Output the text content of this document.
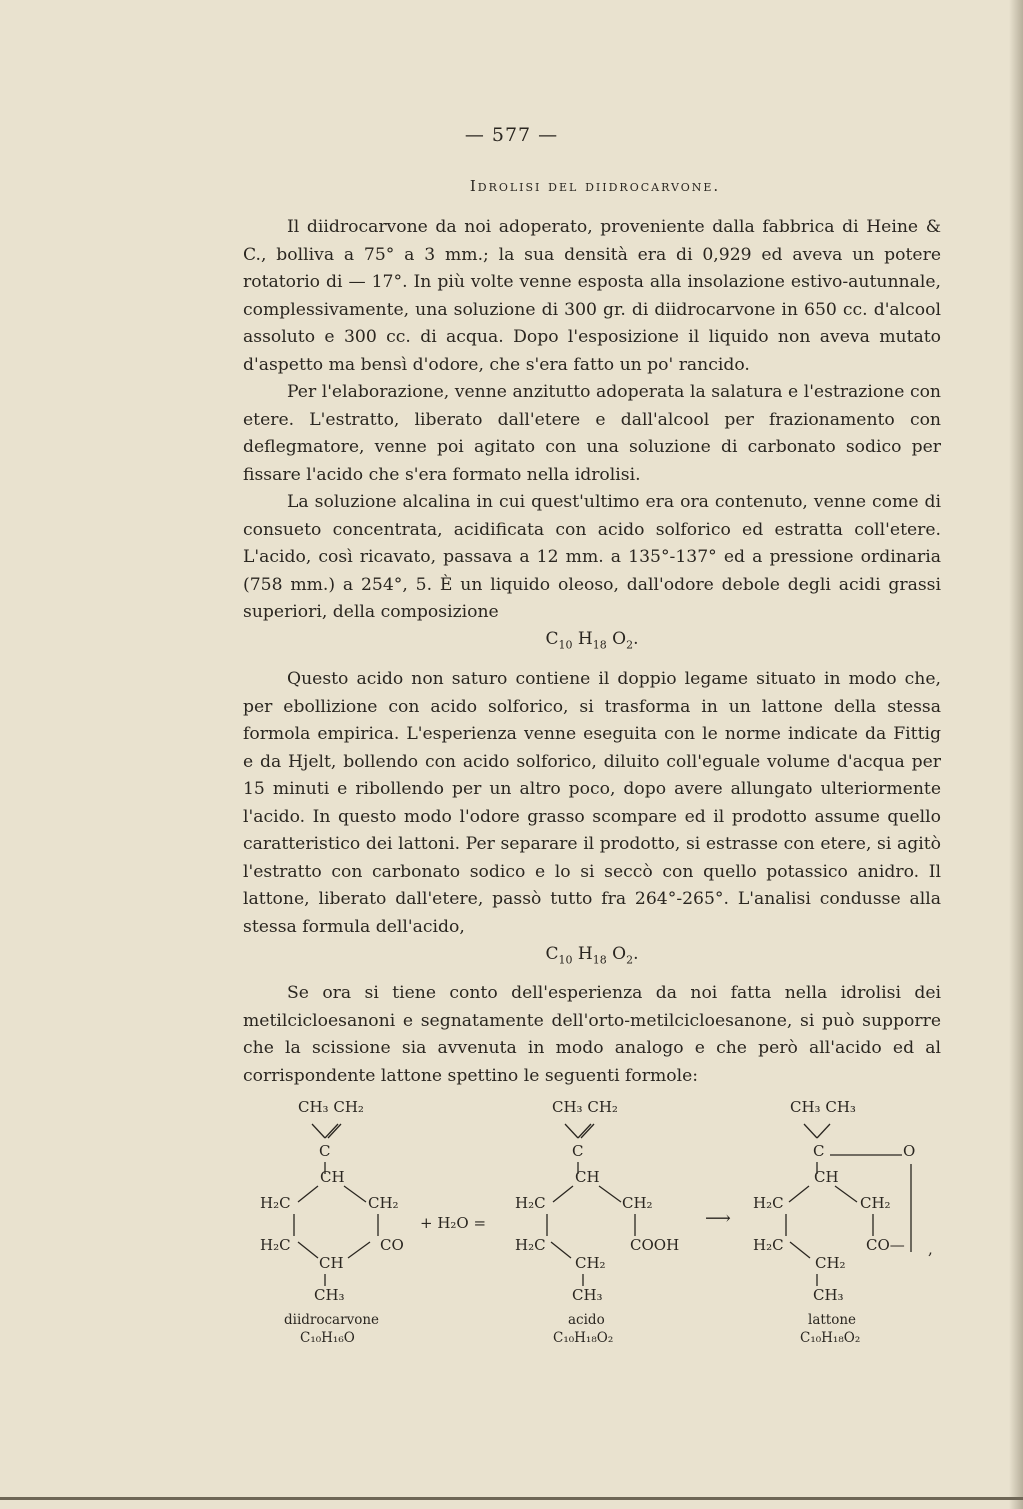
— 577 —
Idrolisi del diidrocarvone.

Il diidrocarvone da noi adoperato, proveniente dalla fabbrica di Heine & C., bolliva a 75° a 3 mm.; la sua densità era di 0,929 ed aveva un potere rotatorio di — 17°. In più volte venne esposta alla insolazione estivo-autunnale, complessivamente, una soluzione di 300 gr. di diidrocarvone in 650 cc. d'alcool assoluto e 300 cc. di acqua. Dopo l'esposizione il liquido non aveva mutato d'aspetto ma bensì d'odore, che s'era fatto un po' rancido.

Per l'elaborazione, venne anzitutto adoperata la salatura e l'estrazione con etere. L'estratto, liberato dall'etere e dall'alcool per frazionamento con deflegmatore, venne poi agitato con una soluzione di carbonato sodico per fissare l'acido che s'era formato nella idrolisi.

La soluzione alcalina in cui quest'ultimo era ora contenuto, venne come di consueto concentrata, acidificata con acido solforico ed estratta coll'etere. L'acido, così ricavato, passava a 12 mm. a 135°-137° ed a pressione ordinaria (758 mm.) a 254°, 5. È un liquido oleoso, dall'odore debole degli acidi grassi superiori, della composizione

$C_{10}$ $H_{18}$ $O_2$.

Questo acido non saturo contiene il doppio legame situato in modo che, per ebollizione con acido solforico, si trasforma in un lattone della stessa formola empirica. L'esperienza venne eseguita con le norme indicate da Fittig e da Hjelt, bollendo con acido solforico, diluito coll'eguale volume d'acqua per 15 minuti e ribollendo per un altro poco, dopo avere allungato ulteriormente l'acido. In questo modo l'odore grasso scompare ed il prodotto assume quello caratteristico dei lattoni. Per separare il prodotto, si estrasse con etere, si agitò l'estratto con carbonato sodico e lo si seccò con quello potassico anidro. Il lattone, liberato dall'etere, passò tutto fra 264°-265°. L'analisi condusse alla stessa formula dell'acido,

$C_{10}$ $H_{18}$ $O_2$.

Se ora si tiene conto dell'esperienza da noi fatta nella idrolisi dei metilcicloesanoni e segnatamente dell'orto-metilcicloesanone, si può supporre che la scissione sia avvenuta in modo analogo e che però all'acido ed al corrispondente lattone spettino le seguenti formole:

CH₃ CH₂
C
CH
H₂C	CH₂
H₂C	CO
CH
CH₃
diidrocarvone
C₁₀H₁₆O
+ H₂O =
CH₃ CH₂
C
CH
H₂C	CH₂
H₂C	COOH
CH₂
CH₃
acido
C₁₀H₁₈O₂
⟶
CH₃ CH₃
C	O
CH
H₂C	CH₂
H₂C	CO—
CH₂
CH₃
,
lattone
C₁₀H₁₈O₂
